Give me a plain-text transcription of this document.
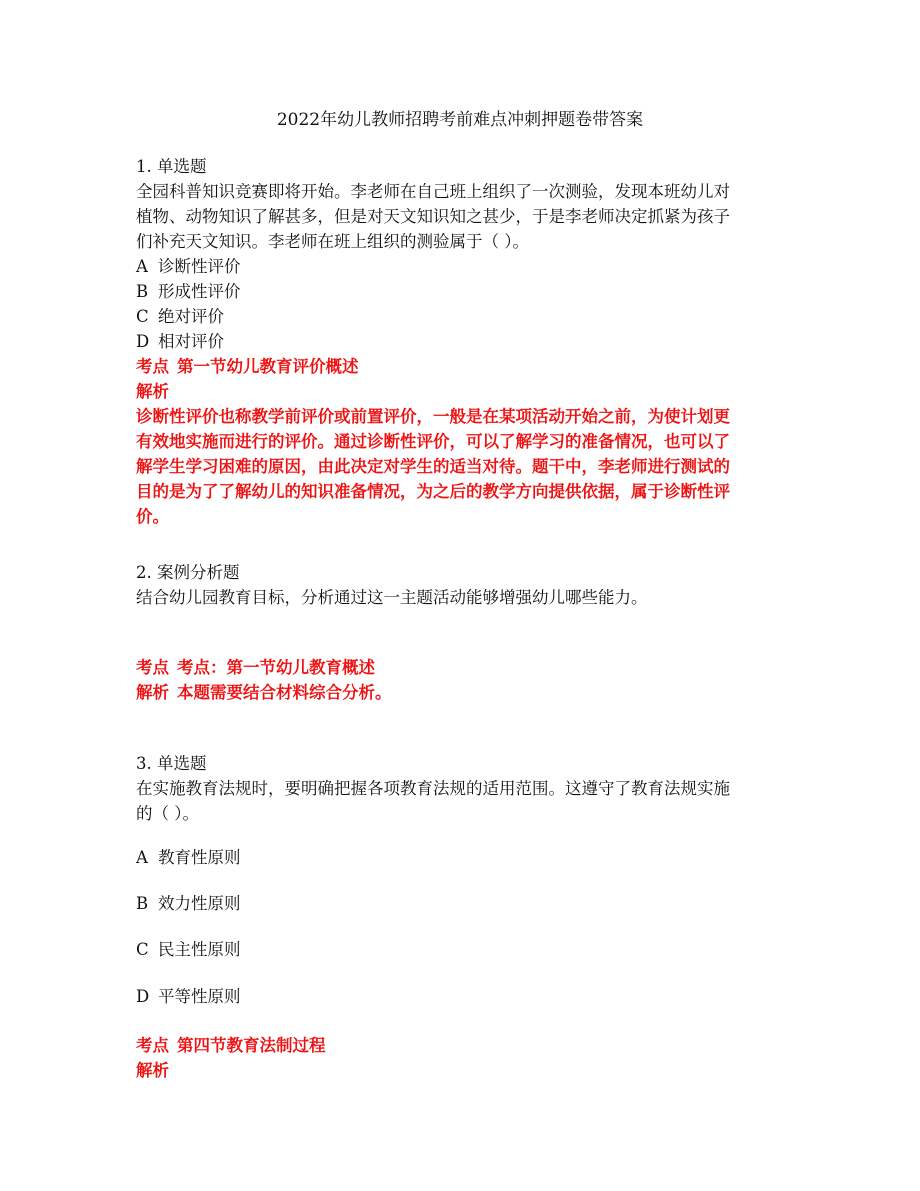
2022年幼儿教师招聘考前难点冲刺押题卷带答案
1. 单选题
全园科普知识竞赛即将开始。李老师在自己班上组织了一次测验，发现本班幼儿对
植物、动物知识了解甚多，但是对天文知识知之甚少，于是李老师决定抓紧为孩子
们补充天文知识。李老师在班上组织的测验属于（ ）。
A 诊断性评价
B 形成性评价
C 绝对评价
D 相对评价
考点 第一节幼儿教育评价概述
解析
诊断性评价也称教学前评价或前置评价，一般是在某项活动开始之前，为使计划更
有效地实施而进行的评价。通过诊断性评价，可以了解学习的准备情况，也可以了
解学生学习困难的原因，由此决定对学生的适当对待。题干中，李老师进行测试的
目的是为了了解幼儿的知识准备情况，为之后的教学方向提供依据，属于诊断性评
价。
2. 案例分析题
结合幼儿园教育目标，分析通过这一主题活动能够增强幼儿哪些能力。
考点 考点：第一节幼儿教育概述
解析 本题需要结合材料综合分析。
3. 单选题
在实施教育法规时，要明确把握各项教育法规的适用范围。这遵守了教育法规实施
的（ ）。
A 教育性原则
B 效力性原则
C 民主性原则
D 平等性原则
考点 第四节教育法制过程
解析
